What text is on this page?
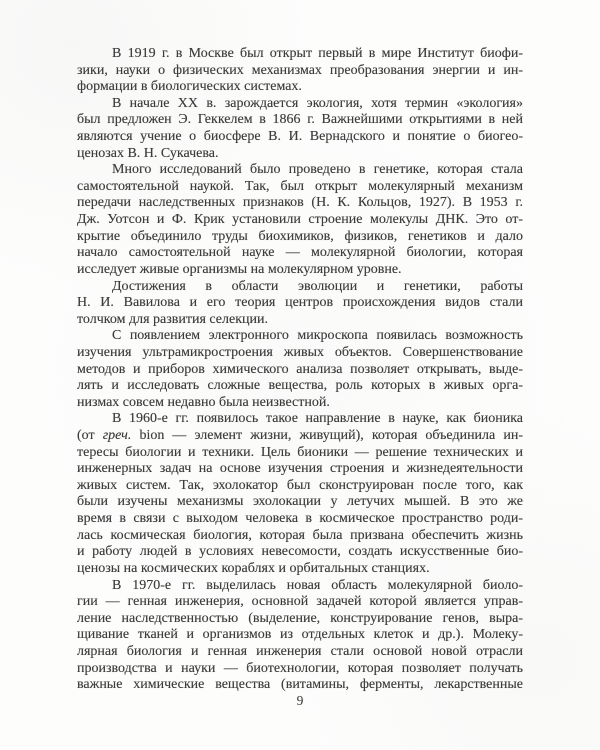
В 1919 г. в Москве был открыт первый в мире Институт биофи-
зики, науки о физических механизмах преобразования энергии и ин-
формации в биологических системах.
В начале XX в. зарождается экология, хотя термин «экология»
был предложен Э. Геккелем в 1866 г. Важнейшими открытиями в ней
являются учение о биосфере В. И. Вернадского и понятие о биогео-
ценозах В. Н. Сукачева.
Много исследований было проведено в генетике, которая стала
самостоятельной наукой. Так, был открыт молекулярный механизм
передачи наследственных признаков (Н. К. Кольцов, 1927). В 1953 г.
Дж. Уотсон и Ф. Крик установили строение молекулы ДНК. Это от-
крытие объединило труды биохимиков, физиков, генетиков и дало
начало самостоятельной науке — молекулярной биологии, которая
исследует живые организмы на молекулярном уровне.
Достижения в области эволюции и генетики, работы
Н. И. Вавилова и его теория центров происхождения видов стали
толчком для развития селекции.
С появлением электронного микроскопа появилась возможность
изучения ультрамикростроения живых объектов. Совершенствование
методов и приборов химического анализа позволяет открывать, выде-
лять и исследовать сложные вещества, роль которых в живых орга-
низмах совсем недавно была неизвестной.
В 1960-е гг. появилось такое направление в науке, как бионика
(от греч. bion — элемент жизни, живущий), которая объединила ин-
тересы биологии и техники. Цель бионики — решение технических и
инженерных задач на основе изучения строения и жизнедеятельности
живых систем. Так, эхолокатор был сконструирован после того, как
были изучены механизмы эхолокации у летучих мышей. В это же
время в связи с выходом человека в космическое пространство роди-
лась космическая биология, которая была призвана обеспечить жизнь
и работу людей в условиях невесомости, создать искусственные био-
ценозы на космических кораблях и орбитальных станциях.
В 1970-е гг. выделилась новая область молекулярной биоло-
гии — генная инженерия, основной задачей которой является управ-
ление наследственностью (выделение, конструирование генов, выра-
щивание тканей и организмов из отдельных клеток и др.). Молеку-
лярная биология и генная инженерия стали основой новой отрасли
производства и науки — биотехнологии, которая позволяет получать
важные химические вещества (витамины, ферменты, лекарственные
9
